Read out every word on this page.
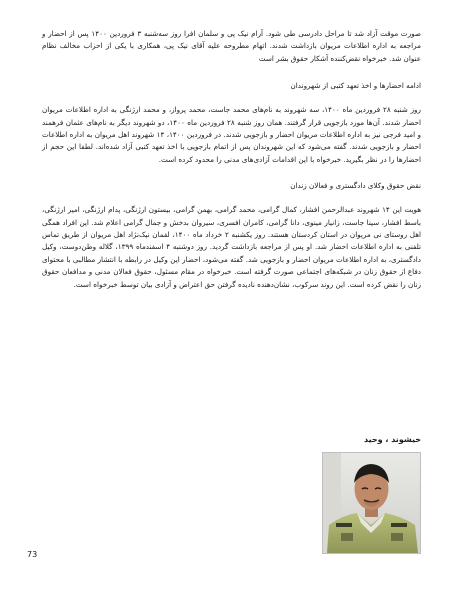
صورت موقت آزاد شد تا مراحل دادرسی طی شود. آرام نیک پی و سلمان افرا روز سه‌شنبه ۳ فروردین ۱۴۰۰ پس از احضار و مراجعه به اداره اطلاعات مریوان بازداشت شدند. اتهام مطروحه علیه آقای نیک پی، همکاری با یکی از احزاب مخالف نظام عنوان شد. خبرخواه نقض‌کننده آشکار حقوق بشر است

ادامه احضارها و اخذ تعهد کتبی از شهروندان

روز شنبه ۲۸ فروردین ماه ۱۴۰۰، سه شهروند به نام‌های محمد جاست، محمد پرواز، و محمد ارژنگی به اداره اطلاعات مریوان احضار شدند. آن‌ها مورد بازجویی قرار گرفتند. همان روز شنبه ۲۸ فروردین ماه ۱۴۰۰، دو شهروند دیگر به نام‌های عثمان فرهمند و امید فرجی نیز به اداره اطلاعات مریوان احضار و بازجویی شدند. در فروردین ۱۴۰۰، ۱۴ شهروند اهل مریوان به اداره اطلاعات احضار و بازجویی شدند. گفته می‌شود که این شهروندان پس از اتمام بازجویی با اخذ تعهد کتبی آزاد شده‌اند. لطفا این حجم از احضارها را در نظر بگیرید. خبرخواه با این اقدامات آزادی‌های مدنی را محدود کرده است.

نقض حقوق وکلای دادگستری و فعالان زندان

هویت این ۱۴ شهروند عبدالرحمن افشار، کمال گرامی، محمد گرامی، بهمن گرامی، بیستون ارژنگی، پدام ارژنگی، امیر ارژنگی، باسط افشار، سینا جاست، زانیار مینوی، دانا گرامی، کامران افسری، سیروان بدخش و جمال گرامی اعلام شد. این افراد همگی اهل روستای نی مریوان در استان کردستان هستند. روز یکشنبه ۲ خرداد ماه ۱۴۰۰، لقمان نیک‌نژاد اهل مریوان از طریق تماس تلفنی به اداره اطلاعات احضار شد. او پس از مراجعه بازداشت گردید. روز دوشنبه ۴ اسفندماه ۱۳۹۹، گلاله وطن‌دوست، وکیل دادگستری، به اداره اطلاعات مریوان احضار و بازجویی شد. گفته می‌شود، احضار این وکیل در رابطه با انتشار مطالبی با محتوای دفاع از حقوق زنان در شبکه‌های اجتماعی صورت گرفته است. خبرخواه در مقام مسئول، حقوق فعالان مدنی و مدافعان حقوق زنان را نقض کرده است. این روند سرکوب، نشان‌دهنده نادیده گرفتن حق اعتراض و آزادی بیان توسط خبرخواه است.

خیشوند ، وحید
73
